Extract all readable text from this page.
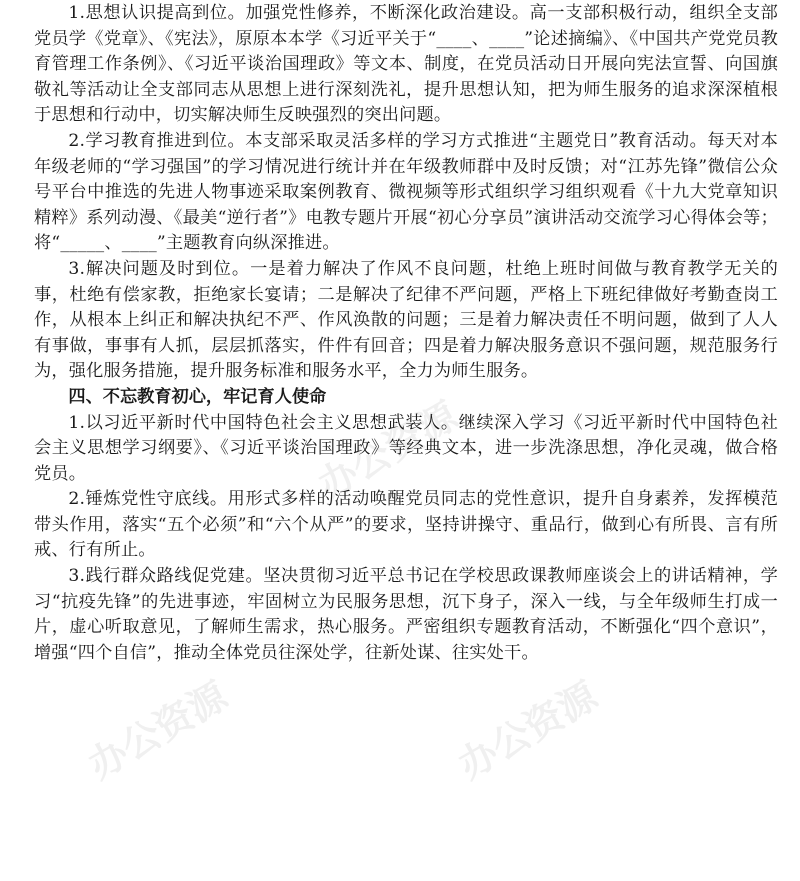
办公资源
办公资源
办公资源

1.思想认识提高到位。加强党性修养，不断深化政治建设。高一支部积极行动，组织全支部党员学《党章》、《宪法》，原原本本学《习近平关于“____、____”论述摘编》、《中国共产党党员教育管理工作条例》、《习近平谈治国理政》等文本、制度，在党员活动日开展向宪法宣誓、向国旗敬礼等活动让全支部同志从思想上进行深刻洗礼，提升思想认知，把为师生服务的追求深深植根于思想和行动中，切实解决师生反映强烈的突出问题。

2.学习教育推进到位。本支部采取灵活多样的学习方式推进“主题党日”教育活动。每天对本年级老师的“学习强国”的学习情况进行统计并在年级教师群中及时反馈；对“江苏先锋”微信公众号平台中推选的先进人物事迹采取案例教育、微视频等形式组织学习组织观看《十九大党章知识精粹》系列动漫、《最美“逆行者”》电教专题片开展“初心分享员”演讲活动交流学习心得体会等；将“_____、____”主题教育向纵深推进。

3.解决问题及时到位。一是着力解决了作风不良问题，杜绝上班时间做与教育教学无关的事，杜绝有偿家教，拒绝家长宴请；二是解决了纪律不严问题，严格上下班纪律做好考勤查岗工作，从根本上纠正和解决执纪不严、作风涣散的问题；三是着力解决责任不明问题，做到了人人有事做，事事有人抓，层层抓落实，件件有回音；四是着力解决服务意识不强问题，规范服务行为，强化服务措施，提升服务标准和服务水平，全力为师生服务。

四、不忘教育初心，牢记育人使命

1.以习近平新时代中国特色社会主义思想武装人。继续深入学习《习近平新时代中国特色社会主义思想学习纲要》、《习近平谈治国理政》等经典文本，进一步洗涤思想，净化灵魂，做合格党员。

2.锤炼党性守底线。用形式多样的活动唤醒党员同志的党性意识，提升自身素养，发挥模范带头作用，落实“五个必须”和“六个从严”的要求，坚持讲操守、重品行，做到心有所畏、言有所戒、行有所止。

3.践行群众路线促党建。坚决贯彻习近平总书记在学校思政课教师座谈会上的讲话精神，学习“抗疫先锋”的先进事迹，牢固树立为民服务思想，沉下身子，深入一线，与全年级师生打成一片，虚心听取意见，了解师生需求，热心服务。严密组织专题教育活动，不断强化“四个意识”，增强“四个自信”，推动全体党员往深处学，往新处谋、往实处干。
